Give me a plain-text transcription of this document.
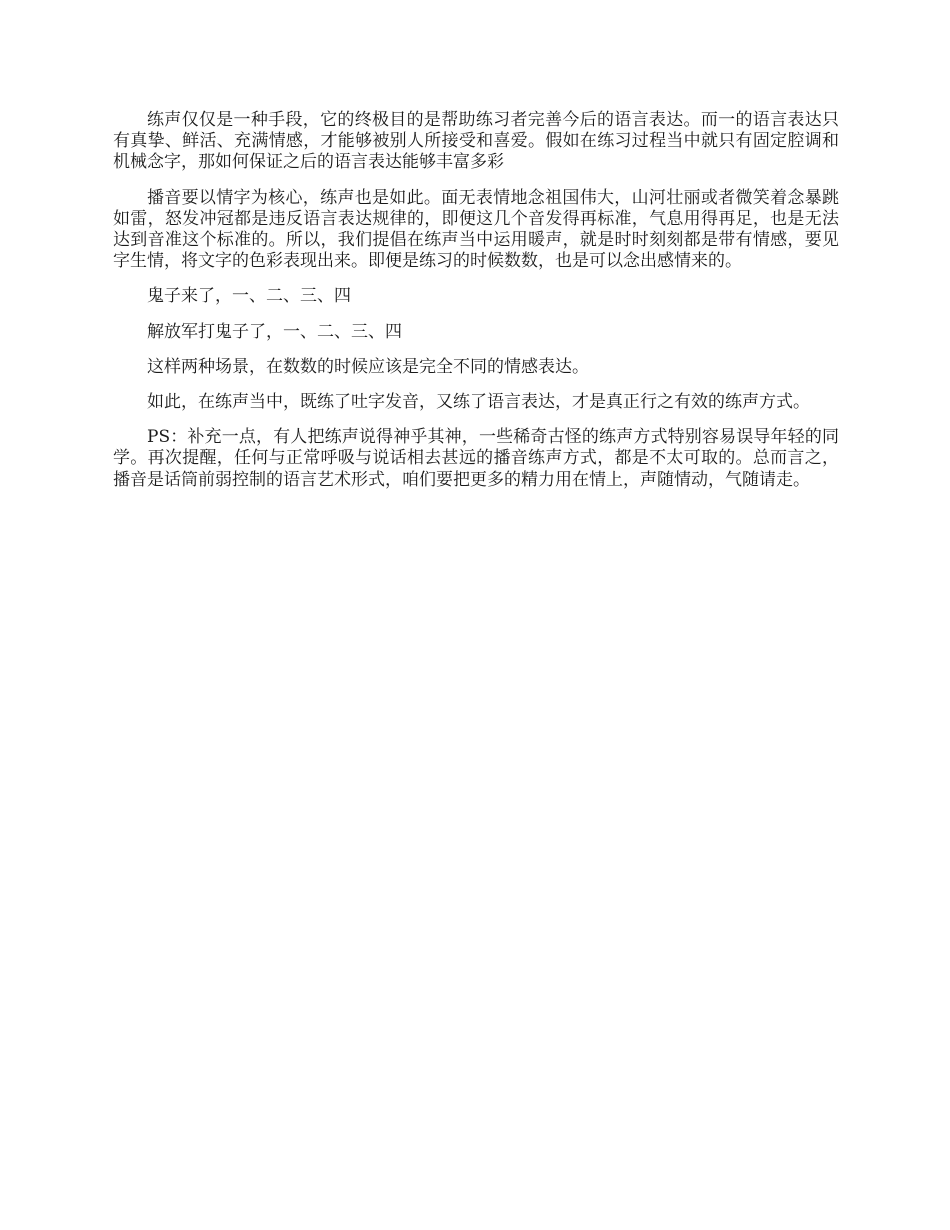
练声仅仅是一种手段，它的终极目的是帮助练习者完善今后的语言表达。而一的语言表达只有真挚、鲜活、充满情感，才能够被别人所接受和喜爱。假如在练习过程当中就只有固定腔调和机械念字，那如何保证之后的语言表达能够丰富多彩

播音要以情字为核心，练声也是如此。面无表情地念祖国伟大，山河壮丽或者微笑着念暴跳如雷，怒发冲冠都是违反语言表达规律的，即便这几个音发得再标准，气息用得再足，也是无法达到音准这个标准的。所以，我们提倡在练声当中运用暖声，就是时时刻刻都是带有情感，要见字生情，将文字的色彩表现出来。即便是练习的时候数数，也是可以念出感情来的。

鬼子来了，一、二、三、四

解放军打鬼子了，一、二、三、四

这样两种场景，在数数的时候应该是完全不同的情感表达。

如此，在练声当中，既练了吐字发音，又练了语言表达，才是真正行之有效的练声方式。

PS：补充一点，有人把练声说得神乎其神，一些稀奇古怪的练声方式特别容易误导年轻的同学。再次提醒，任何与正常呼吸与说话相去甚远的播音练声方式，都是不太可取的。总而言之，播音是话筒前弱控制的语言艺术形式，咱们要把更多的精力用在情上，声随情动，气随请走。
